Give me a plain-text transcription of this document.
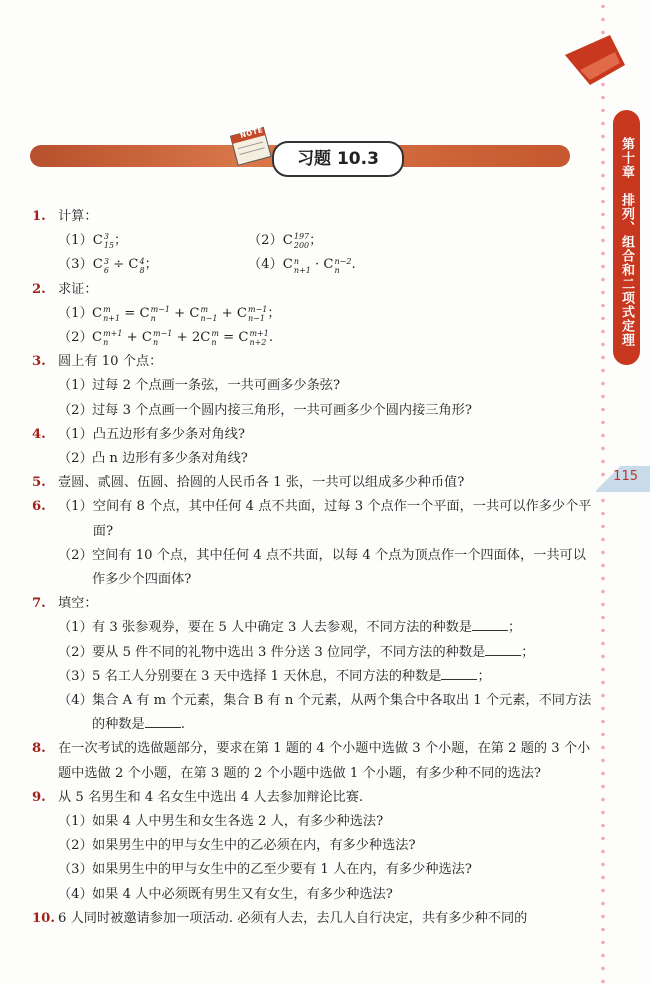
第十章　排列、组合和二项式定理
115
NOTE
习题 10.3
1. 计算：
（1） C 3
15 ；	（2） C 197
200 ；
（3） C 3
6 ÷ C 4
8 ；	（4） C n
n+1 · C n−2
n .
2. 求证：
（1） C m
n+1 = C m−1
n	+ C m
n−1 + C m−1
n−1 ；
（2） C m+1
n	+ C m−1
n	+ 2 C m
n = C m+1
n+2 .
3. 圆上有 10 个点：
（1） 过每 2 个点画一条弦，一共可画多少条弦?
（2） 过每 3 个点画一个圆内接三角形，一共可画多少个圆内接三角形?
4. （1） 凸五边形有多少条对角线?
（2） 凸 n 边形有多少条对角线?
5. 壹圆、贰圆、伍圆、拾圆的人民币各 1 张，一共可以组成多少种币值?
6. （1） 空间有 8 个点，其中任何 4 点不共面，过每 3 个点作一个平面，一共可以作多少个平面?
（2） 空间有 10 个点，其中任何 4 点不共面，以每 4 个点为顶点作一个四面体，一共可以作多少个四面体?
7. 填空：
（1） 有 3 张参观券，要在 5 人中确定 3 人去参观，不同方法的种数是	；
（2） 要从 5 件不同的礼物中选出 3 件分送 3 位同学，不同方法的种数是	；
（3） 5 名工人分别要在 3 天中选择 1 天休息，不同方法的种数是	；
（4） 集合 A 有 m 个元素，集合 B 有 n 个元素，从两个集合中各取出 1 个元素，不同方法的种数是	.
8. 在一次考试的选做题部分，要求在第 1 题的 4 个小题中选做 3 个小题，在第 2 题的 3 个小题中选做 2 个小题，在第 3 题的 2 个小题中选做 1 个小题，有多少种不同的选法?
9. 从 5 名男生和 4 名女生中选出 4 人去参加辩论比赛.
（1） 如果 4 人中男生和女生各选 2 人，有多少种选法?
（2） 如果男生中的甲与女生中的乙必须在内，有多少种选法?
（3） 如果男生中的甲与女生中的乙至少要有 1 人在内，有多少种选法?
（4） 如果 4 人中必须既有男生又有女生，有多少种选法?
10. 6 人同时被邀请参加一项活动. 必须有人去，去几人自行决定，共有多少种不同的
